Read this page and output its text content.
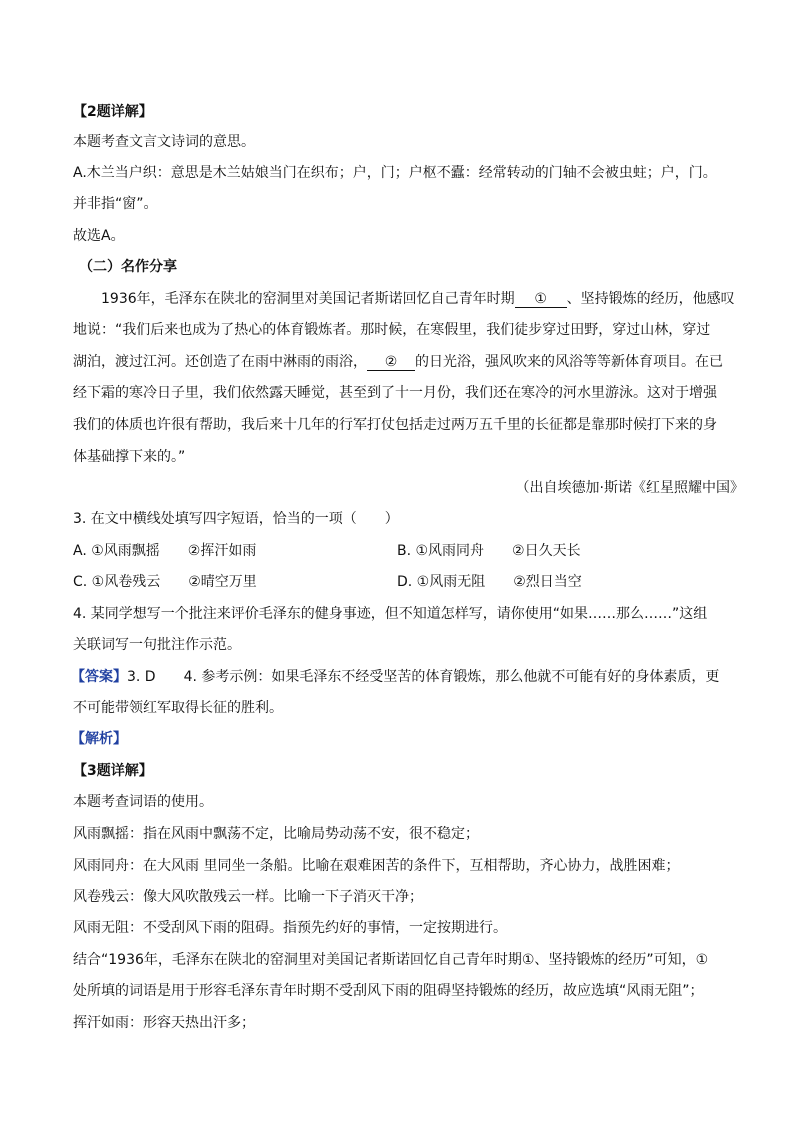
【2题详解】
本题考查文言文诗词的意思。
A.木兰当户织：意思是木兰姑娘当门在织布；户，门；户枢不蠹：经常转动的门轴不会被虫蛀；户，门。
并非指“窗”。
故选A。
（二）名作分享
1936年，毛泽东在陕北的窑洞里对美国记者斯诺回忆自己青年时期 ① 、坚持锻炼的经历，他感叹
地说：“我们后来也成为了热心的体育锻炼者。那时候，在寒假里，我们徒步穿过田野，穿过山林，穿过
湖泊，渡过江河。还创造了在雨中淋雨的雨浴， ② 的日光浴，强风吹来的风浴等等新体育项目。在已
经下霜的寒冷日子里，我们依然露天睡觉，甚至到了十一月份，我们还在寒冷的河水里游泳。这对于增强
我们的体质也许很有帮助，我后来十几年的行军打仗包括走过两万五千里的长征都是靠那时候打下来的身
体基础撑下来的。”
（出自埃德加·斯诺《红星照耀中国》
3. 在文中横线处填写四字短语，恰当的一项（　　）
A. ①风雨飘摇　　②挥汗如雨	B. ①风雨同舟　　②日久天长
C. ①风卷残云　　②晴空万里	D. ①风雨无阻　　②烈日当空
4. 某同学想写一个批注来评价毛泽东的健身事迹，但不知道怎样写，请你使用“如果……那么……”这组
关联词写一句批注作示范。
【答案】3. D　　4. 参考示例：如果毛泽东不经受坚苦的体育锻炼，那么他就不可能有好的身体素质，更
不可能带领红军取得长征的胜利。
【解析】
【3题详解】
本题考查词语的使用。
风雨飘摇：指在风雨中飘荡不定，比喻局势动荡不安，很不稳定；
风雨同舟：在大风雨 里同坐一条船。比喻在艰难困苦的条件下，互相帮助，齐心协力，战胜困难；
风卷残云：像大风吹散残云一样。比喻一下子消灭干净；
风雨无阻：不受刮风下雨的阻碍。指预先约好的事情，一定按期进行。
结合“1936年，毛泽东在陕北的窑洞里对美国记者斯诺回忆自己青年时期①、坚持锻炼的经历”可知，①
处所填的词语是用于形容毛泽东青年时期不受刮风下雨的阻碍坚持锻炼的经历，故应选填“风雨无阻”；
挥汗如雨：形容天热出汗多；
